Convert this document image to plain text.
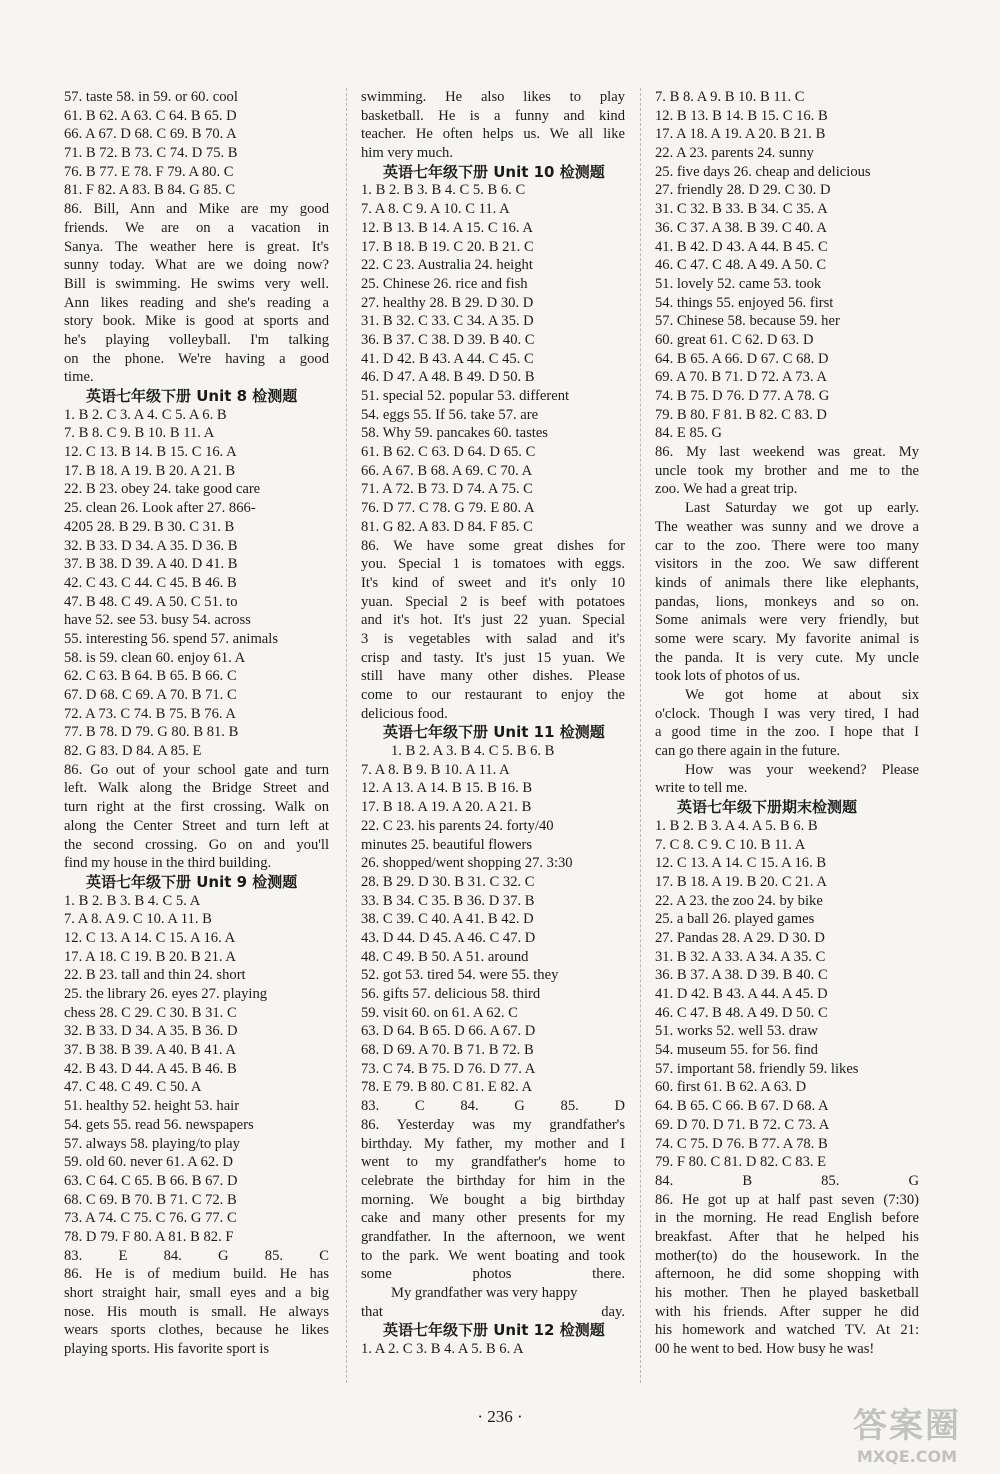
57. taste 58. in 59. or 60. cool
61. B 62. A 63. C 64. B 65. D
66. A 67. D 68. C 69. B 70. A
71. B 72. B 73. C 74. D 75. B
76. B 77. E 78. F 79. A 80. C
81. F 82. A 83. B 84. G 85. C
86. Bill, Ann and Mike are my good
friends. We are on a vacation in
Sanya. The weather here is great. It's
sunny today. What are we doing now?
Bill is swimming. He swims very well.
Ann likes reading and she's reading a
story book. Mike is good at sports and
he's playing volleyball. I'm talking
on the phone. We're having a good
time.
英语七年级下册 Unit 8 检测题
1. B 2. C 3. A 4. C 5. A 6. B
7. B 8. C 9. B 10. B 11. A
12. C 13. B 14. B 15. C 16. A
17. B 18. A 19. B 20. A 21. B
22. B 23. obey 24. take good care
25. clean 26. Look after 27. 866-
4205 28. B 29. B 30. C 31. B
32. B 33. D 34. A 35. D 36. B
37. B 38. D 39. A 40. D 41. B
42. C 43. C 44. C 45. B 46. B
47. B 48. C 49. A 50. C 51. to
have 52. see 53. busy 54. across
55. interesting 56. spend 57. animals
58. is 59. clean 60. enjoy 61. A
62. C 63. B 64. B 65. B 66. C
67. D 68. C 69. A 70. B 71. C
72. A 73. C 74. B 75. B 76. A
77. B 78. D 79. G 80. B 81. B
82. G 83. D 84. A 85. E
86. Go out of your school gate and turn
left. Walk along the Bridge Street and
turn right at the first crossing. Walk on
along the Center Street and turn left at
the second crossing. Go on and you'll
find my house in the third building.
英语七年级下册 Unit 9 检测题
1. B 2. B 3. B 4. C 5. A
7. A 8. A 9. C 10. A 11. B
12. C 13. A 14. C 15. A 16. A
17. A 18. C 19. B 20. B 21. A
22. B 23. tall and thin 24. short
25. the library 26. eyes 27. playing
chess 28. C 29. C 30. B 31. C
32. B 33. D 34. A 35. B 36. D
37. B 38. B 39. A 40. B 41. A
42. B 43. D 44. A 45. B 46. B
47. C 48. C 49. C 50. A
51. healthy 52. height 53. hair
54. gets 55. read 56. newspapers
57. always 58. playing/to play
59. old 60. never 61. A 62. D
63. C 64. C 65. B 66. B 67. D
68. C 69. B 70. B 71. C 72. B
73. A 74. C 75. C 76. G 77. C
78. D 79. F 80. A 81. B 82. F
83. E 84. G 85. C
86. He is of medium build. He has
short straight hair, small eyes and a big
nose. His mouth is small. He always
wears sports clothes, because he likes
playing sports. His favorite sport is
swimming. He also likes to play
basketball. He is a funny and kind
teacher. He often helps us. We all like
him very much.
英语七年级下册 Unit 10 检测题
1. B 2. B 3. B 4. C 5. B 6. C
7. A 8. C 9. A 10. C 11. A
12. B 13. B 14. A 15. C 16. A
17. B 18. B 19. C 20. B 21. C
22. C 23. Australia 24. height
25. Chinese 26. rice and fish
27. healthy 28. B 29. D 30. D
31. B 32. C 33. C 34. A 35. D
36. B 37. C 38. D 39. B 40. C
41. D 42. B 43. A 44. C 45. C
46. D 47. A 48. B 49. D 50. B
51. special 52. popular 53. different
54. eggs 55. If 56. take 57. are
58. Why 59. pancakes 60. tastes
61. B 62. C 63. D 64. D 65. C
66. A 67. B 68. A 69. C 70. A
71. A 72. B 73. D 74. A 75. C
76. D 77. C 78. G 79. E 80. A
81. G 82. A 83. D 84. F 85. C
86. We have some great dishes for
you. Special 1 is tomatoes with eggs.
It's kind of sweet and it's only 10
yuan. Special 2 is beef with potatoes
and it's hot. It's just 22 yuan. Special
3 is vegetables with salad and it's
crisp and tasty. It's just 15 yuan. We
still have many other dishes. Please
come to our restaurant to enjoy the
delicious food.
英语七年级下册 Unit 11 检测题
1. B 2. A 3. B 4. C 5. B 6. B
7. A 8. B 9. B 10. A 11. A
12. A 13. A 14. B 15. B 16. B
17. B 18. A 19. A 20. A 21. B
22. C 23. his parents 24. forty/40
minutes 25. beautiful flowers
26. shopped/went shopping 27. 3:30
28. B 29. D 30. B 31. C 32. C
33. B 34. C 35. B 36. D 37. B
38. C 39. C 40. A 41. B 42. D
43. D 44. D 45. A 46. C 47. D
48. C 49. B 50. A 51. around
52. got 53. tired 54. were 55. they
56. gifts 57. delicious 58. third
59. visit 60. on 61. A 62. C
63. D 64. B 65. D 66. A 67. D
68. D 69. A 70. B 71. B 72. B
73. C 74. B 75. D 76. D 77. A
78. E 79. B 80. C 81. E 82. A
83. C 84. G 85. D
86. Yesterday was my grandfather's
birthday. My father, my mother and I
went to my grandfather's home to
celebrate the birthday for him in the
morning. We bought a big birthday
cake and many other presents for my
grandfather. In the afternoon, we went
to the park. We went boating and took
some photos there.
My grandfather was very happy
that day.
英语七年级下册 Unit 12 检测题
1. A 2. C 3. B 4. A 5. B 6. A
7. B 8. A 9. B 10. B 11. C
12. B 13. B 14. B 15. C 16. B
17. A 18. A 19. A 20. B 21. B
22. A 23. parents 24. sunny
25. five days 26. cheap and delicious
27. friendly 28. D 29. C 30. D
31. C 32. B 33. B 34. C 35. A
36. C 37. A 38. B 39. C 40. A
41. B 42. D 43. A 44. B 45. C
46. C 47. C 48. A 49. A 50. C
51. lovely 52. came 53. took
54. things 55. enjoyed 56. first
57. Chinese 58. because 59. her
60. great 61. C 62. D 63. D
64. B 65. A 66. D 67. C 68. D
69. A 70. B 71. D 72. A 73. A
74. B 75. D 76. D 77. A 78. G
79. B 80. F 81. B 82. C 83. D
84. E 85. G
86. My last weekend was great. My
uncle took my brother and me to the
zoo. We had a great trip.
Last Saturday we got up early.
The weather was sunny and we drove a
car to the zoo. There were too many
visitors in the zoo. We saw different
kinds of animals there like elephants,
pandas, lions, monkeys and so on.
Some animals were very friendly, but
some were scary. My favorite animal is
the panda. It is very cute. My uncle
took lots of photos of us.
We got home at about six
o'clock. Though I was very tired, I had
a good time in the zoo. I hope that I
can go there again in the future.
How was your weekend? Please
write to tell me.
英语七年级下册期末检测题
1. B 2. B 3. A 4. A 5. B 6. B
7. C 8. C 9. C 10. B 11. A
12. C 13. A 14. C 15. A 16. B
17. B 18. A 19. B 20. C 21. A
22. A 23. the zoo 24. by bike
25. a ball 26. played games
27. Pandas 28. A 29. D 30. D
31. B 32. A 33. A 34. A 35. C
36. B 37. A 38. D 39. B 40. C
41. D 42. B 43. A 44. A 45. D
46. C 47. B 48. A 49. D 50. C
51. works 52. well 53. draw
54. museum 55. for 56. find
57. important 58. friendly 59. likes
60. first 61. B 62. A 63. D
64. B 65. C 66. B 67. D 68. A
69. D 70. D 71. B 72. C 73. A
74. C 75. D 76. B 77. A 78. B
79. F 80. C 81. D 82. C 83. E
84. B 85. G
86. He got up at half past seven (7:30)
in the morning. He read English before
breakfast. After that he helped his
mother(to) do the housework. In the
afternoon, he did some shopping with
his mother. Then he played basketball
with his friends. After supper he did
his homework and watched TV. At 21:
00 he went to bed. How busy he was!
· 236 ·	答案圈
MXQE.COM
